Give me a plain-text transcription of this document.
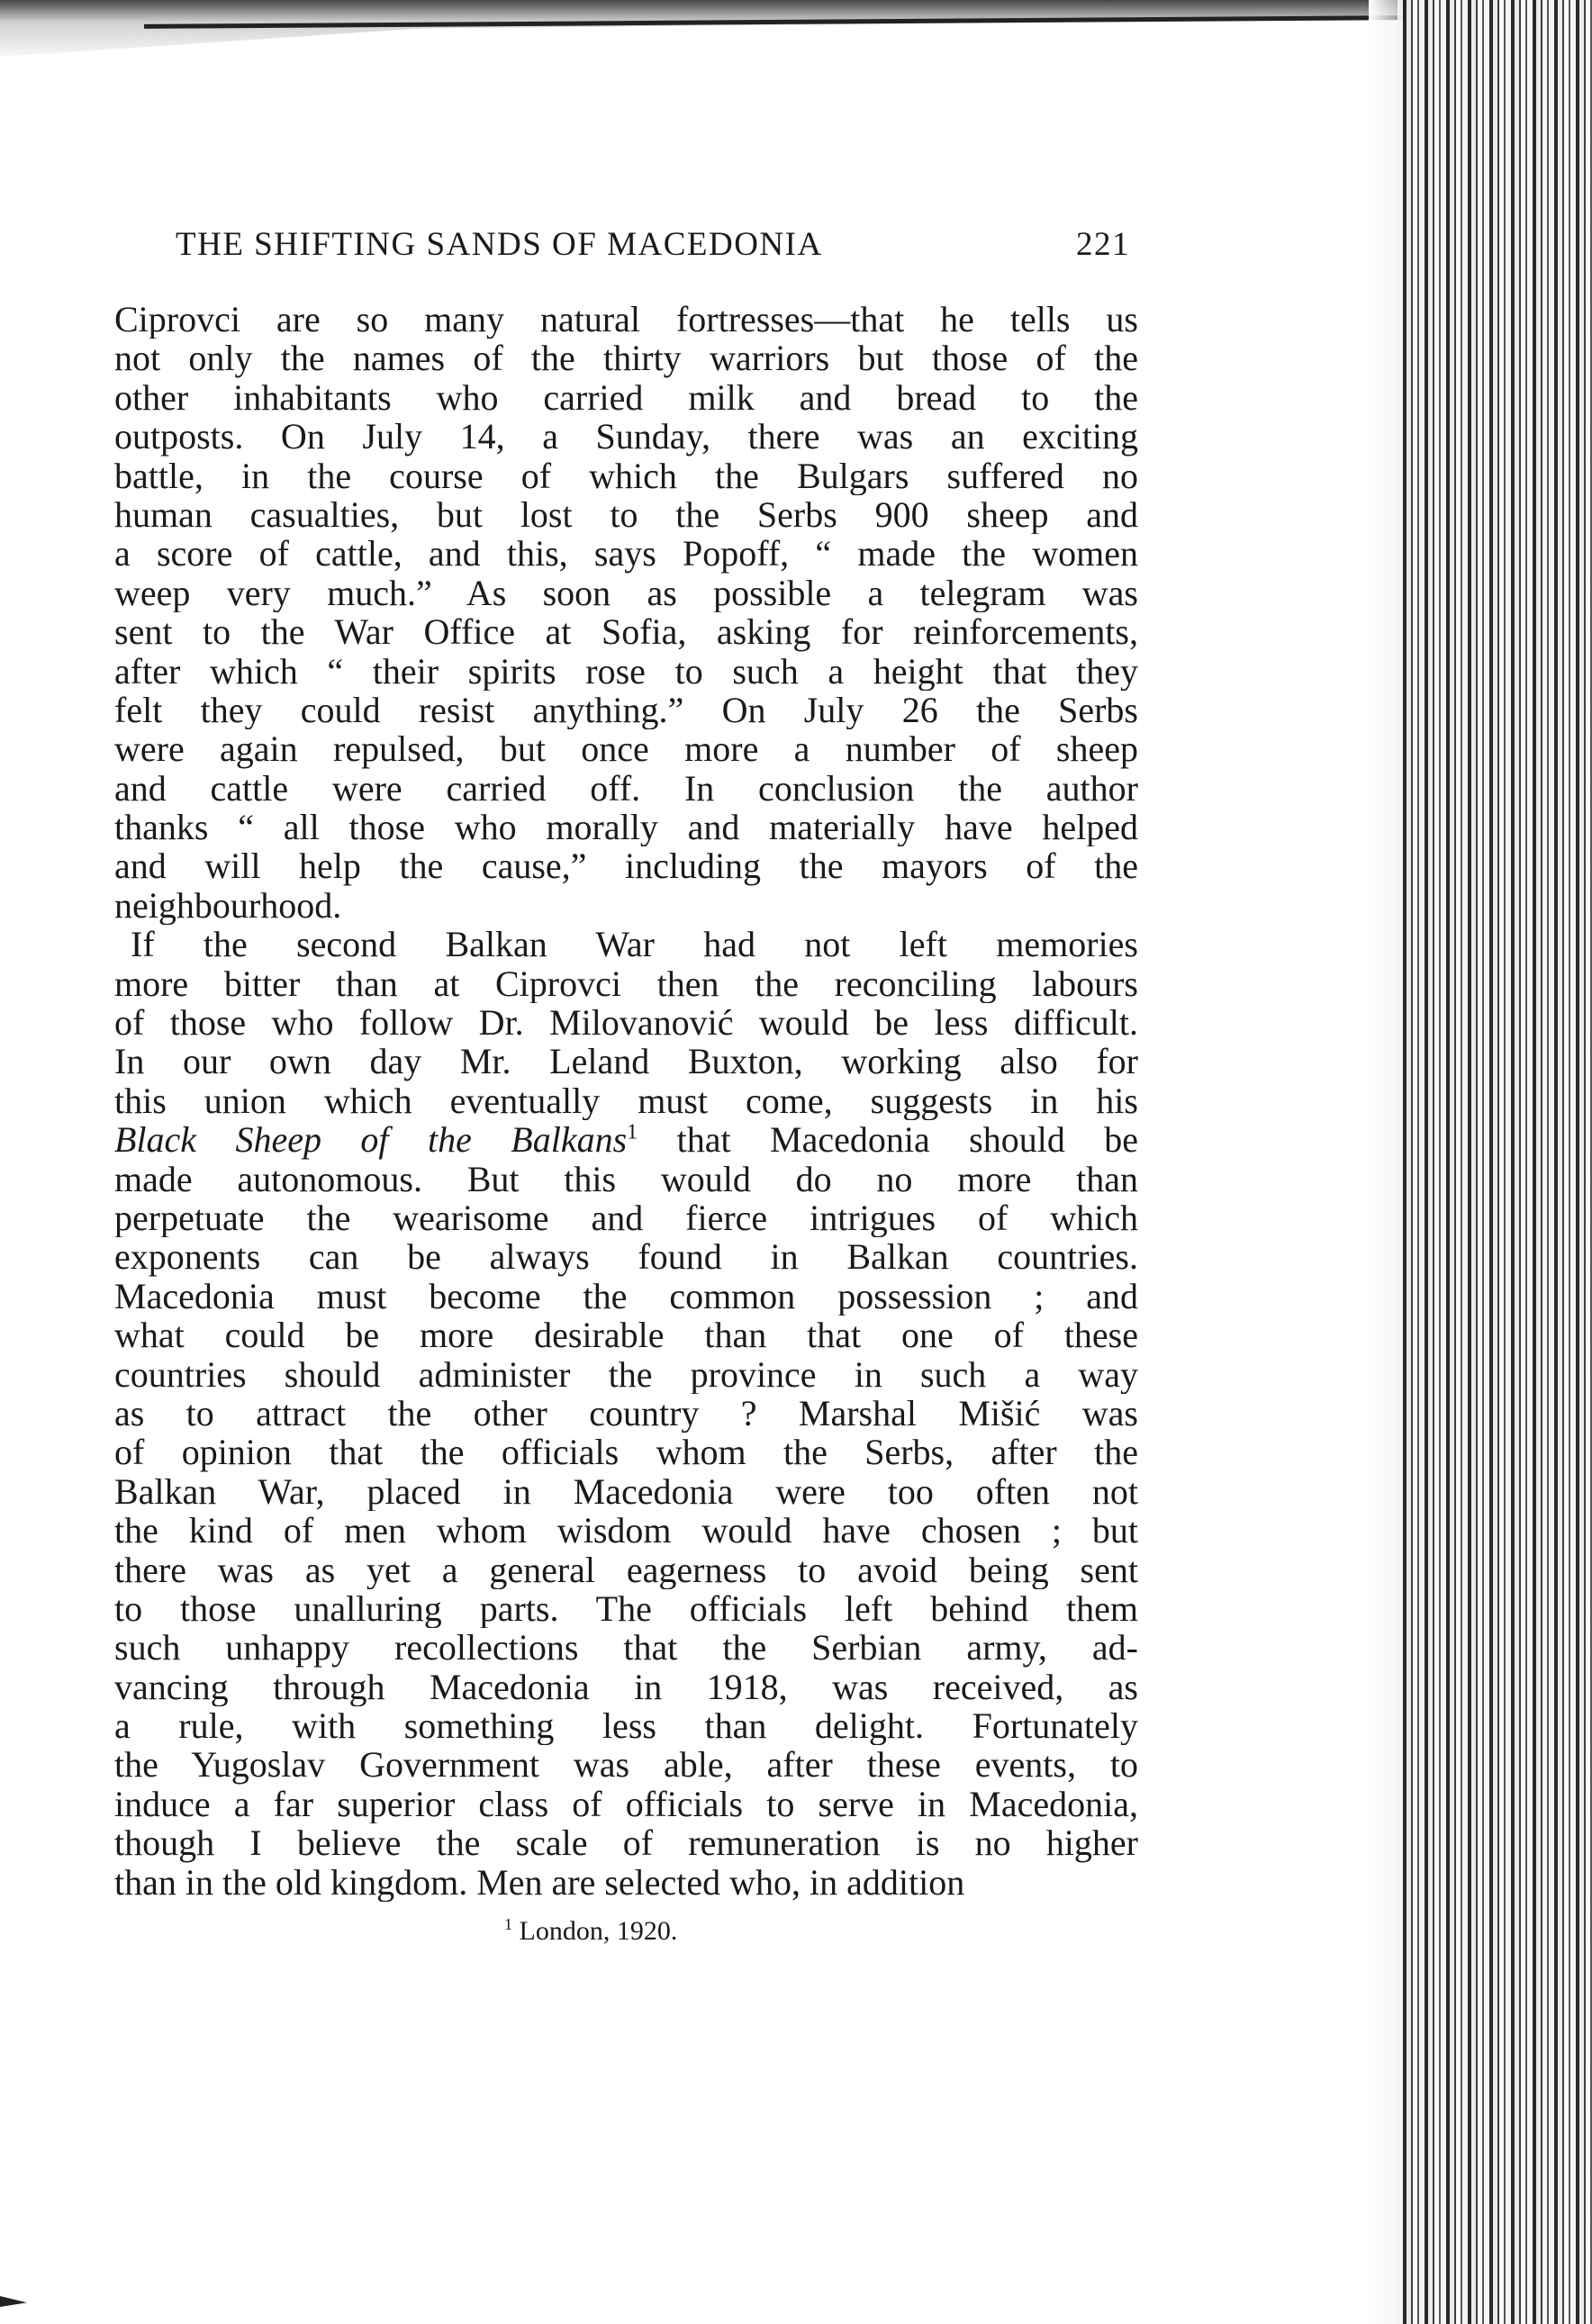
THE SHIFTING SANDS OF MACEDONIA	221
Ciprovci are so many natural fortresses—that he tells us
not only the names of the thirty warriors but those of the
other inhabitants who carried milk and bread to the
outposts. On July 14, a Sunday, there was an exciting
battle, in the course of which the Bulgars suffered no
human casualties, but lost to the Serbs 900 sheep and
a score of cattle, and this, says Popoff, “ made the women
weep very much.” As soon as possible a telegram was
sent to the War Office at Sofia, asking for reinforcements,
after which “ their spirits rose to such a height that they
felt they could resist anything.” On July 26 the Serbs
were again repulsed, but once more a number of sheep
and cattle were carried off. In conclusion the author
thanks “ all those who morally and materially have helped
and will help the cause,” including the mayors of the
neighbourhood.
If the second Balkan War had not left memories
more bitter than at Ciprovci then the reconciling labours
of those who follow Dr. Milovanović would be less difficult.
In our own day Mr. Leland Buxton, working also for
this union which eventually must come, suggests in his
Black Sheep of the Balkans$^1$ that Macedonia should be
made autonomous. But this would do no more than
perpetuate the wearisome and fierce intrigues of which
exponents can be always found in Balkan countries.
Macedonia must become the common possession ; and
what could be more desirable than that one of these
countries should administer the province in such a way
as to attract the other country ? Marshal Mišić was
of opinion that the officials whom the Serbs, after the
Balkan War, placed in Macedonia were too often not
the kind of men whom wisdom would have chosen ; but
there was as yet a general eagerness to avoid being sent
to those unalluring parts. The officials left behind them
such unhappy recollections that the Serbian army, ad-
vancing through Macedonia in 1918, was received, as
a rule, with something less than delight. Fortunately
the Yugoslav Government was able, after these events, to
induce a far superior class of officials to serve in Macedonia,
though I believe the scale of remuneration is no higher
than in the old kingdom. Men are selected who, in addition
$^1$ London, 1920.
